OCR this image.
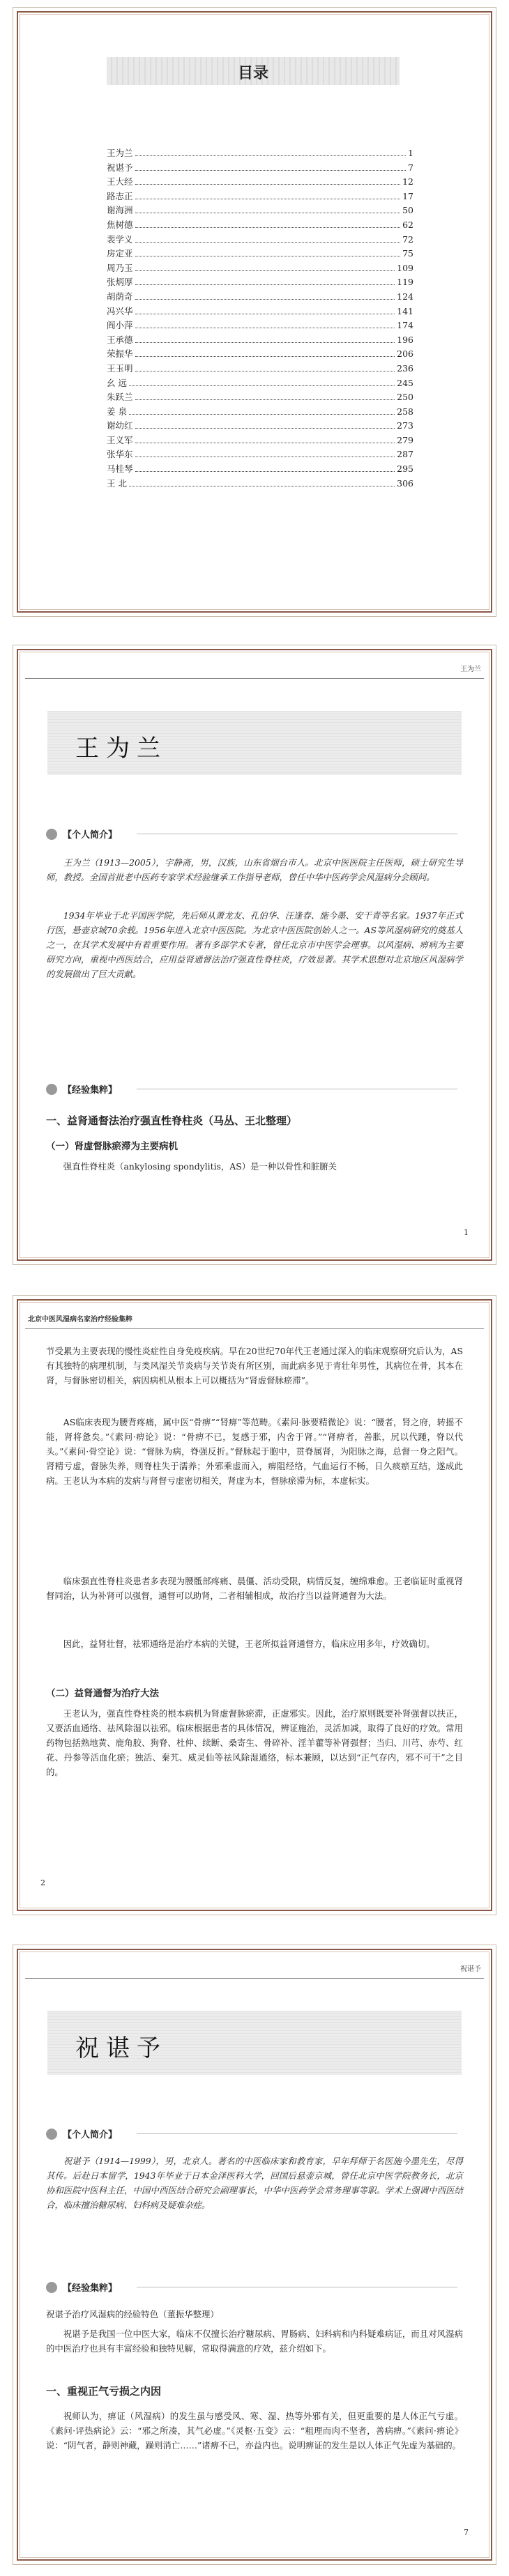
目录
王为兰	1
祝谌予	7
王大经	12
路志正	17
谢海洲	50
焦树德	62
裴学义	72
房定亚	75
周乃玉	109
张炳厚	119
胡荫奇	124
冯兴华	141
阎小萍	174
王承德	196
荣振华	206
王玉明	236
幺 远	245
朱跃兰	250
姜 泉	258
谢幼红	273
王义军	279
张华东	287
马桂琴	295
王 北	306
王为兰
王为兰
【个人简介】
王为兰（1913—2005），字静斋，男，汉族，山东省烟台市人。北京中医医院主任医师，硕士研究生导师，教授。全国首批老中医药专家学术经验继承工作指导老师，曾任中华中医药学会风湿病分会顾问。
1934年毕业于北平国医学院，先后师从萧龙友、孔伯华、汪逢春、施今墨、安干青等名家。1937年正式行医，悬壶京城70余载。1956年进入北京中医医院。为北京中医医院创始人之一。AS等风湿病研究的奠基人之一，在其学术发展中有着重要作用。著有多部学术专著，曾任北京市中医学会理事。以风湿病、痹病为主要研究方向，重视中西医结合，应用益肾通督法治疗强直性脊柱炎，疗效显著。其学术思想对北京地区风湿病学的发展做出了巨大贡献。
【经验集粹】
一、益肾通督法治疗强直性脊柱炎（马丛、王北整理）
（一）肾虚督脉瘀滞为主要病机
强直性脊柱炎（ankylosing spondylitis，AS）是一种以骨性和脏腑关
1
北京中医风湿病名家治疗经验集粹
节受累为主要表现的慢性炎症性自身免疫疾病。早在20世纪70年代王老通过深入的临床观察研究后认为，AS有其独特的病理机制，与类风湿关节炎病与关节炎有所区别，而此病多见于青壮年男性，其病位在骨，其本在肾，与督脉密切相关，病因病机从根本上可以概括为“肾虚督脉瘀滞”。
AS临床表现为腰背疼痛，属中医“骨痹”“肾痹”等范畴。《素问·脉要精微论》说：“腰者，肾之府，转摇不能，肾将惫矣。”《素问·痹论》说：“骨痹不已，复感于邪，内舍于肾。”“肾痹者，善胀，尻以代踵，脊以代头。”《素问·骨空论》说：“督脉为病，脊强反折。”督脉起于胞中，贯脊属肾，为阳脉之海，总督一身之阳气。肾精亏虚，督脉失养，则脊柱失于濡养；外邪乘虚而入，痹阻经络，气血运行不畅，日久痰瘀互结，遂成此病。王老认为本病的发病与肾督亏虚密切相关，肾虚为本，督脉瘀滞为标，本虚标实。
临床强直性脊柱炎患者多表现为腰骶部疼痛、晨僵、活动受限，病情反复，缠绵难愈。王老临证时重视肾督同治，认为补肾可以强督，通督可以助肾，二者相辅相成，故治疗当以益肾通督为大法。
因此，益肾壮督，祛邪通络是治疗本病的关键，王老所拟益肾通督方，临床应用多年，疗效确切。
（二）益肾通督为治疗大法
王老认为，强直性脊柱炎的根本病机为肾虚督脉瘀滞，正虚邪实。因此，治疗原则既要补肾强督以扶正，又要活血通络、祛风除湿以祛邪。临床根据患者的具体情况，辨证施治，灵活加减，取得了良好的疗效。常用药物包括熟地黄、鹿角胶、狗脊、杜仲、续断、桑寄生、骨碎补、淫羊藿等补肾强督；当归、川芎、赤芍、红花、丹参等活血化瘀；独活、秦艽、威灵仙等祛风除湿通络，标本兼顾，以达到“正气存内，邪不可干”之目的。
2
祝谌予
祝谌予
【个人简介】
祝谌予（1914—1999），男，北京人。著名的中医临床家和教育家，早年拜师于名医施今墨先生，尽得其传。后赴日本留学，1943年毕业于日本金泽医科大学，回国后悬壶京城，曾任北京中医学院教务长，北京协和医院中医科主任，中国中西医结合研究会副理事长，中华中医药学会常务理事等职。学术上强调中西医结合，临床擅治糖尿病、妇科病及疑难杂症。
【经验集粹】
祝谌予治疗风湿病的经验特色（董振华整理）
祝谌予是我国一位中医大家，临床不仅擅长治疗糖尿病、胃肠病、妇科病和内科疑难病证，而且对风湿病的中医治疗也具有丰富经验和独特见解，常取得满意的疗效，兹介绍如下。
一、重视正气亏损之内因
祝师认为，痹证（风湿病）的发生虽与感受风、寒、湿、热等外邪有关，但更重要的是人体正气亏虚。《素问·评热病论》云：“邪之所凑，其气必虚。”《灵枢·五变》云：“粗理而肉不坚者，善病痹。”《素问·痹论》说：“阴气者，静则神藏，躁则消亡……”诸痹不已，亦益内也。说明痹证的发生是以人体正气先虚为基础的。
7
